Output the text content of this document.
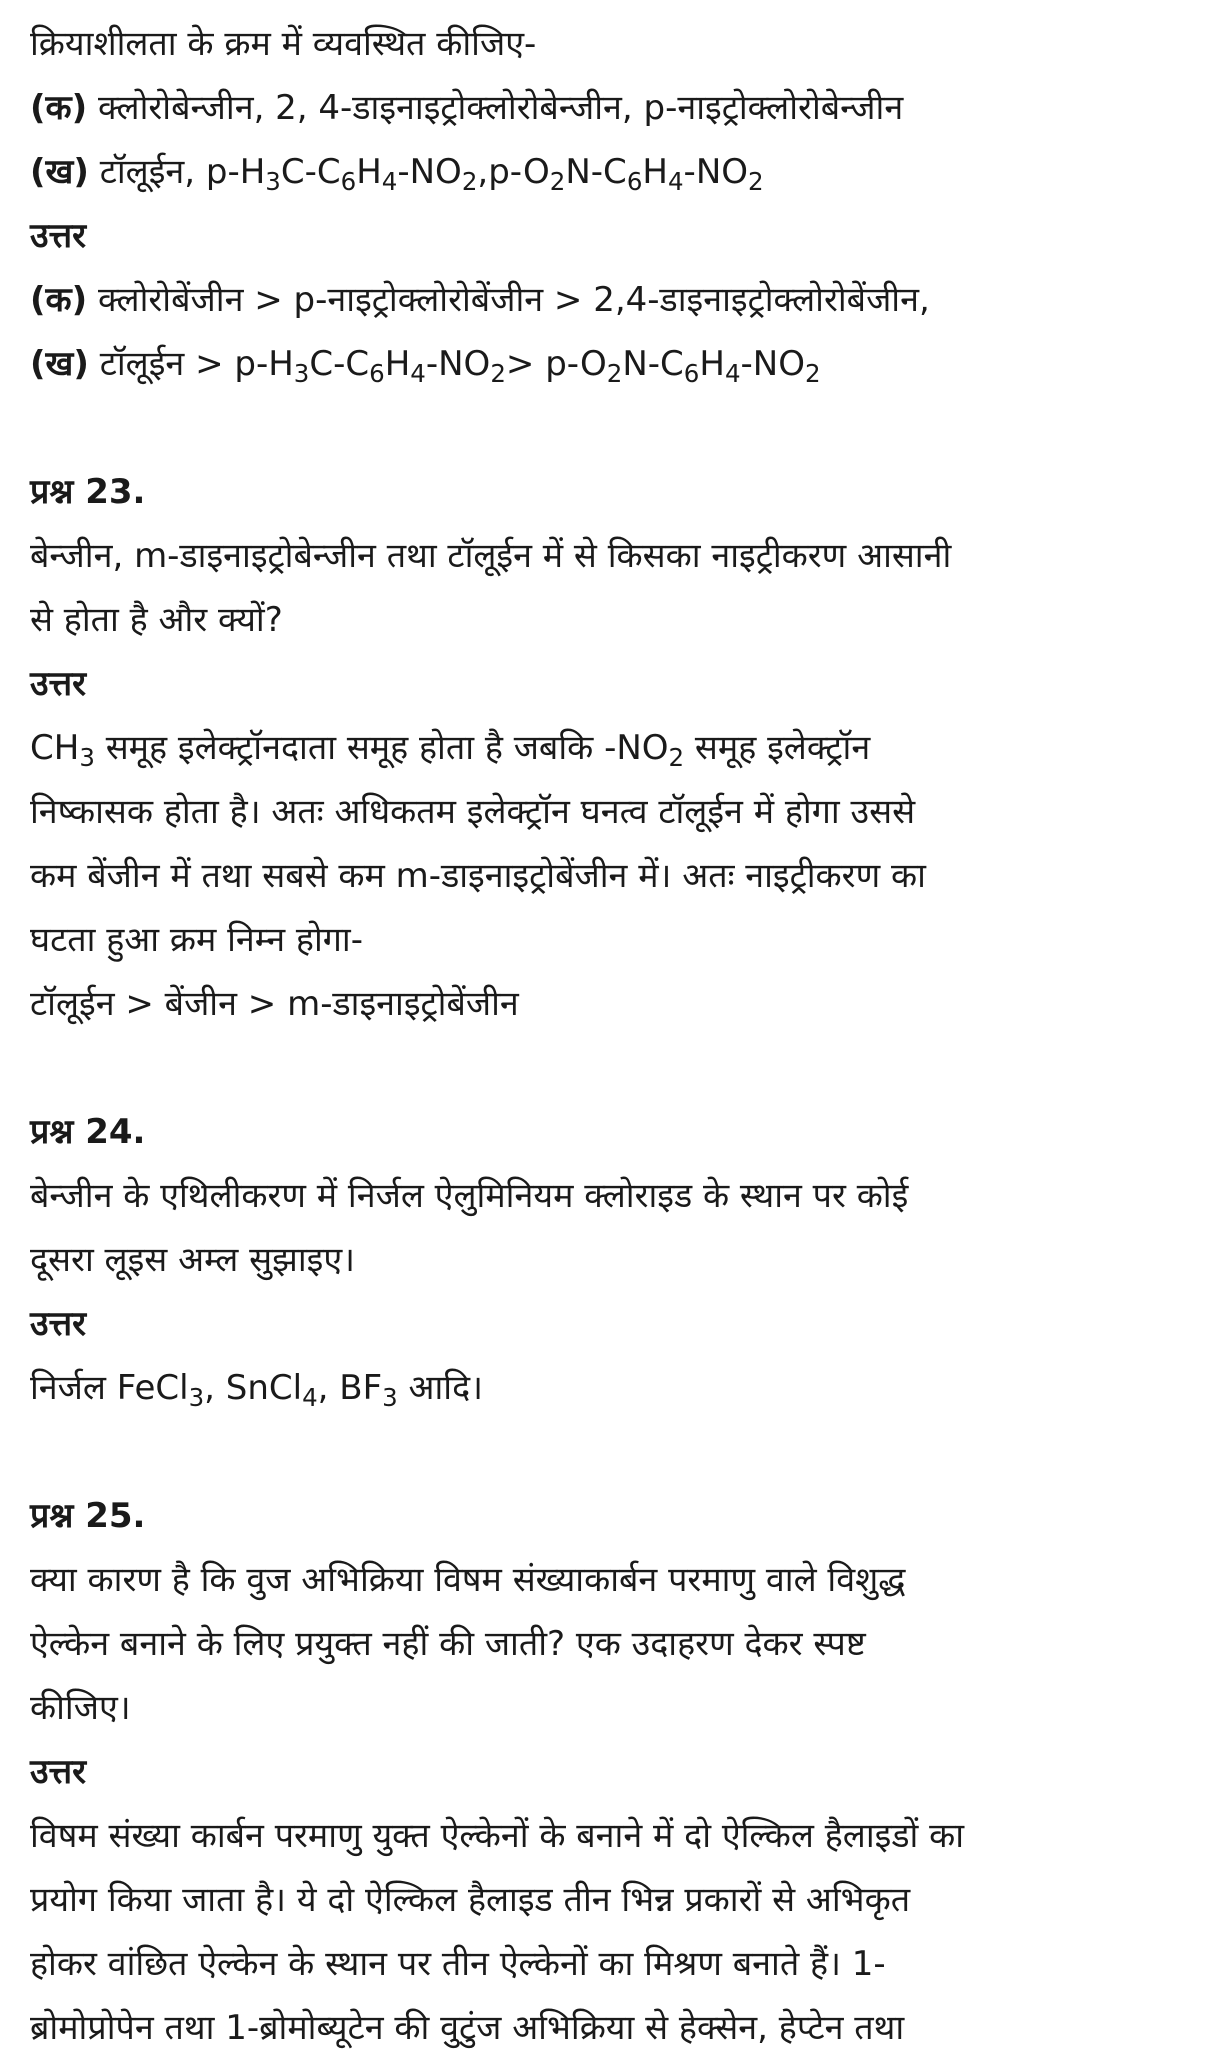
क्रियाशीलता के क्रम में व्यवस्थित कीजिए-

(क) क्लोरोबेन्जीन, 2, 4-डाइनाइट्रोक्लोरोबेन्जीन, p-नाइट्रोक्लोरोबेन्जीन

(ख) टॉलूईन, $p-H_3C-C_6H_4-NO_2,p-O_2N-C_6H_4-NO_2$

उत्तर

(क) क्लोरोबेंजीन > p-नाइट्रोक्लोरोबेंजीन > 2,4-डाइनाइट्रोक्लोरोबेंजीन,

(ख) टॉलूईन > $p-H_3C-C_6H_4-NO_2> p-O_2N-C_6H_4-NO_2$

प्रश्न 23.

बेन्जीन, m-डाइनाइट्रोबेन्जीन तथा टॉलूईन में से किसका नाइट्रीकरण आसानी

से होता है और क्यों?

उत्तर

$CH_3$ समूह इलेक्ट्रॉनदाता समूह होता है जबकि $-NO_2$ समूह इलेक्ट्रॉन

निष्कासक होता है। अतः अधिकतम इलेक्ट्रॉन घनत्व टॉलूईन में होगा उससे

कम बेंजीन में तथा सबसे कम m-डाइनाइट्रोबेंजीन में। अतः नाइट्रीकरण का

घटता हुआ क्रम निम्न होगा-

टॉलूईन > बेंजीन > m-डाइनाइट्रोबेंजीन

प्रश्न 24.

बेन्जीन के एथिलीकरण में निर्जल ऐलुमिनियम क्लोराइड के स्थान पर कोई

दूसरा लूइस अम्ल सुझाइए।

उत्तर

निर्जल FeCl$_3$, SnCl$_4$, $BF_3$ आदि।

प्रश्न 25.

क्या कारण है कि वुज अभिक्रिया विषम संख्याकार्बन परमाणु वाले विशुद्ध

ऐल्केन बनाने के लिए प्रयुक्त नहीं की जाती? एक उदाहरण देकर स्पष्ट

कीजिए।

उत्तर

विषम संख्या कार्बन परमाणु युक्त ऐल्केनों के बनाने में दो ऐल्किल हैलाइडों का

प्रयोग किया जाता है। ये दो ऐल्किल हैलाइड तीन भिन्न प्रकारों से अभिकृत

होकर वांछित ऐल्केन के स्थान पर तीन ऐल्केनों का मिश्रण बनाते हैं। 1-

ब्रोमोप्रोपेन तथा 1-ब्रोमोब्यूटेन की वुटुंज अभिक्रिया से हेक्सेन, हेप्टेन तथा
